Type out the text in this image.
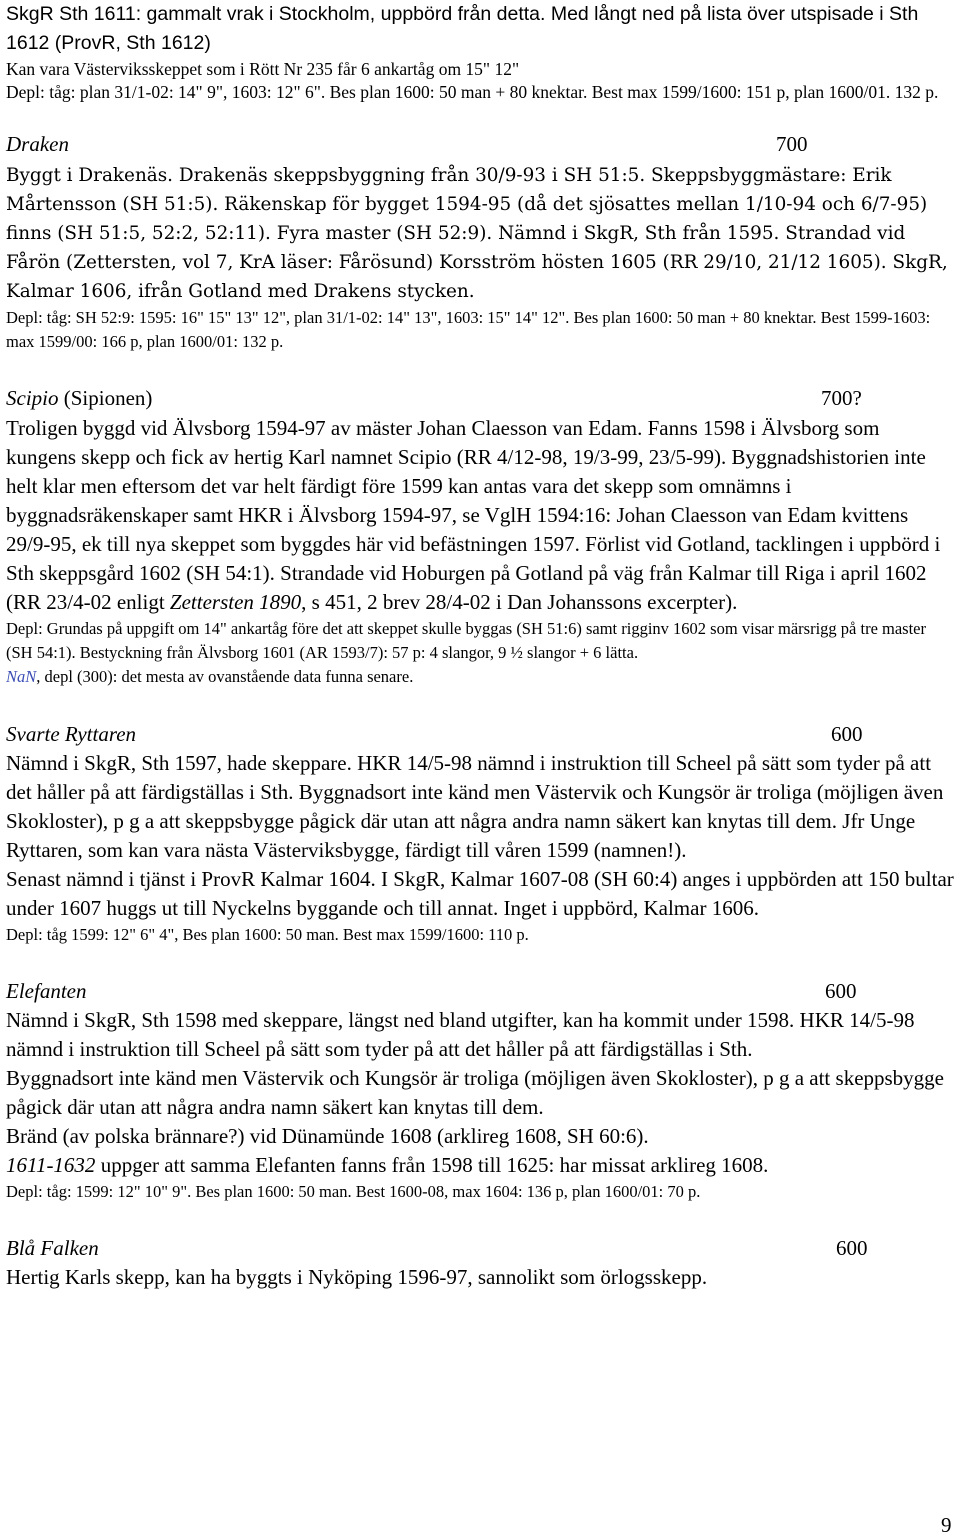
SkgR Sth 1611: gammalt vrak i Stockholm, uppbörd från detta. Med långt ned på lista över utspisade i Sth 1612 (ProvR, Sth 1612)
Kan vara Västerviksskeppet som i Rött Nr 235 får 6 ankartåg om 15" 12"
Depl: tåg: plan 31/1-02: 14" 9", 1603: 12" 6". Bes plan 1600: 50 man + 80 knektar. Best max 1599/1600: 151 p, plan 1600/01. 132 p.
Draken	700
Byggt i Drakenäs. Drakenäs skeppsbyggning från 30/9-93 i SH 51:5. Skeppsbyggmästare: Erik Mårtensson (SH 51:5). Räkenskap för bygget 1594-95 (då det sjösattes mellan 1/10-94 och 6/7-95) finns (SH 51:5, 52:2, 52:11). Fyra master (SH 52:9). Nämnd i SkgR, Sth från 1595. Strandad vid Fårön (Zettersten, vol 7, KrA läser: Fårösund) Korsström hösten 1605 (RR 29/10, 21/12 1605). SkgR, Kalmar 1606, ifrån Gotland med Drakens stycken.
Depl: tåg: SH 52:9: 1595: 16" 15" 13" 12", plan 31/1-02: 14" 13", 1603: 15" 14" 12". Bes plan 1600: 50 man + 80 knektar. Best 1599-1603: max 1599/00: 166 p, plan 1600/01: 132 p.
Scipio (Sipionen)	700?
Troligen byggd vid Älvsborg 1594-97 av mäster Johan Claesson van Edam. Fanns 1598 i Älvsborg som kungens skepp och fick av hertig Karl namnet Scipio (RR 4/12-98, 19/3-99, 23/5-99). Byggnadshistorien inte helt klar men eftersom det var helt färdigt före 1599 kan antas vara det skepp som omnämns i byggnadsräkenskaper samt HKR i Älvsborg 1594-97, se VglH 1594:16: Johan Claesson van Edam kvittens 29/9-95, ek till nya skeppet som byggdes här vid befästningen 1597. Förlist vid Gotland, tacklingen i uppbörd i Sth skeppsgård 1602 (SH 54:1). Strandade vid Hoburgen på Gotland på väg från Kalmar till Riga i april 1602 (RR 23/4-02 enligt Zettersten 1890, s 451, 2 brev 28/4-02 i Dan Johanssons excerpter).
Depl: Grundas på uppgift om 14" ankartåg före det att skeppet skulle byggas (SH 51:6) samt rigginv 1602 som visar märsrigg på tre master (SH 54:1). Bestyckning från Älvsborg 1601 (AR 1593/7): 57 p: 4 slangor, 9 ½ slangor + 6 lätta.
NaN, depl (300): det mesta av ovanstående data funna senare.
Svarte Ryttaren	600
Nämnd i SkgR, Sth 1597, hade skeppare. HKR 14/5-98 nämnd i instruktion till Scheel på sätt som tyder på att det håller på att färdigställas i Sth. Byggnadsort inte känd men Västervik och Kungsör är troliga (möjligen även Skokloster), p g a att skeppsbygge pågick där utan att några andra namn säkert kan knytas till dem. Jfr Unge Ryttaren, som kan vara nästa Västerviksbygge, färdigt till våren 1599 (namnen!).
Senast nämnd i tjänst i ProvR Kalmar 1604. I SkgR, Kalmar 1607-08 (SH 60:4) anges i uppbörden att 150 bultar under 1607 huggs ut till Nyckelns byggande och till annat. Inget i uppbörd, Kalmar 1606.
Depl: tåg 1599: 12" 6" 4", Bes plan 1600: 50 man. Best max 1599/1600: 110 p.
Elefanten	600
Nämnd i SkgR, Sth 1598 med skeppare, längst ned bland utgifter, kan ha kommit under 1598. HKR 14/5-98 nämnd i instruktion till Scheel på sätt som tyder på att det håller på att färdigställas i Sth.
Byggnadsort inte känd men Västervik och Kungsör är troliga (möjligen även Skokloster), p g a att skeppsbygge pågick där utan att några andra namn säkert kan knytas till dem.
Bränd (av polska brännare?) vid Dünamünde 1608 (arklireg 1608, SH 60:6).
1611-1632 uppger att samma Elefanten fanns från 1598 till 1625: har missat arklireg 1608.
Depl: tåg: 1599: 12" 10" 9". Bes plan 1600: 50 man. Best 1600-08, max 1604: 136 p, plan 1600/01: 70 p.
Blå Falken	600
Hertig Karls skepp, kan ha byggts i Nyköping 1596-97, sannolikt som örlogsskepp.
9
